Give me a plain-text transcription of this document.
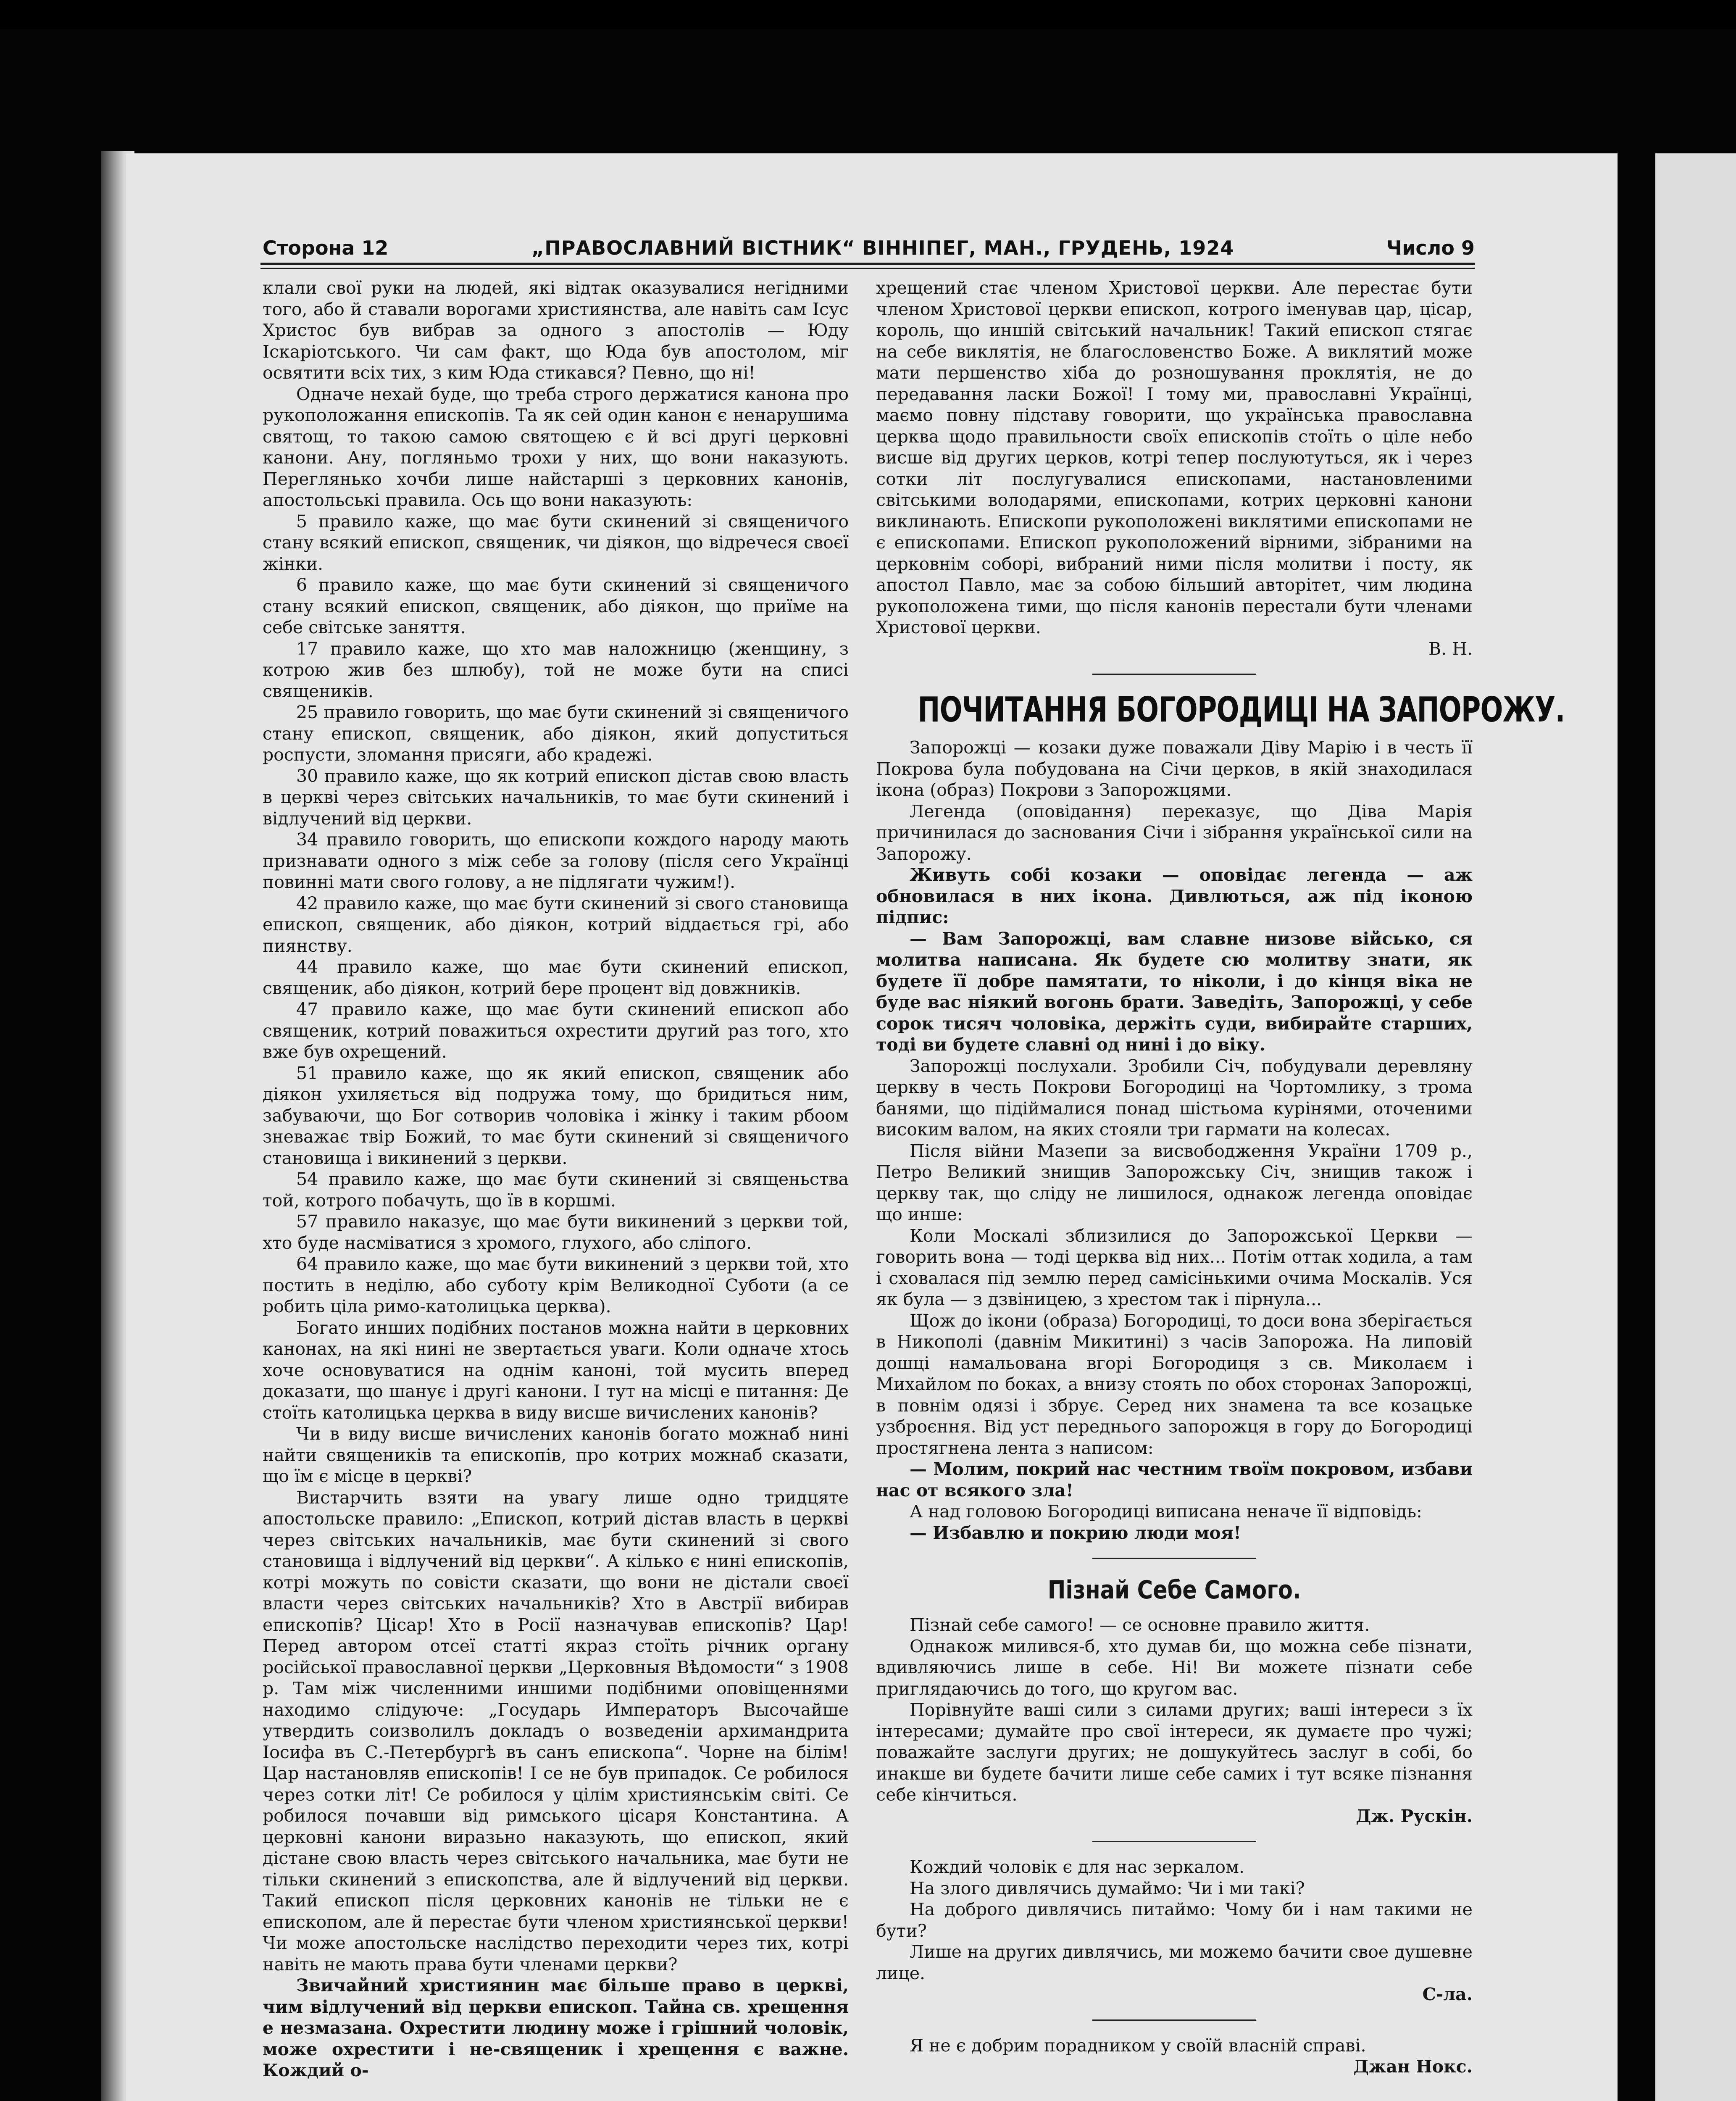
Сторона 12	„ПРАВОСЛАВНИЙ ВІСТНИК“ ВІННІПЕГ, МАН., ГРУДЕНЬ, 1924	Число 9

клали свої руки на людей, які відтак оказувалися негідними того, або й ставали ворогами християнства, але навіть сам Ісус Христос був вибрав за одного з апостолів — Юду Іскаріотського. Чи сам факт, що Юда був апостолом, міг освятити всіх тих, з ким Юда стикався? Певно, що ні!

Одначе нехай буде, що треба строго держатися канона про рукоположання епископів. Та як сей один канон є ненарушима святощ, то такою самою святощею є й всі другі церковні канони. Ану, погляньмо трохи у них, що вони наказують. Переглянько хочби лише найстарші з церковних канонів, апостольські правила. Ось що вони наказують:

5 правило каже, що має бути скинений зі священичого стану всякий епископ, священик, чи діякон, що відречеся своєї жінки.

6 правило каже, що має бути скинений зі священичого стану всякий епископ, священик, або діякон, що приїме на себе світське заняття.

17 правило каже, що хто мав наложницю (женщину, з котрою жив без шлюбу), той не може бути на списі священиків.

25 правило говорить, що має бути скинений зі священичого стану епископ, священик, або діякон, який допуститься роспусти, зломання присяги, або крадежі.

30 правило каже, що як котрий епископ дістав свою власть в церкві через світських начальників, то має бути скинений і відлучений від церкви.

34 правило говорить, що епископи кождого народу мають признавати одного з між себе за голову (після сего Українці повинні мати свого голову, а не підлягати чужим!).

42 правило каже, що має бути скинений зі свого становища епископ, священик, або діякон, котрий віддається грі, або пиянству.

44 правило каже, що має бути скинений епископ, священик, або діякон, котрий бере процент від довжників.

47 правило каже, що має бути скинений епископ або священик, котрий поважиться охрестити другий раз того, хто вже був охрещений.

51 правило каже, що як який епископ, священик або діякон ухиляється від подружа тому, що бридиться ним, забуваючи, що Бог сотворив чоловіка і жінку і таким рбоом зневажає твір Божий, то має бути скинений зі священичого становища і викинений з церкви.

54 правило каже, що має бути скинений зі священьства той, котрого побачуть, що їв в коршмі.

57 правило наказує, що має бути викинений з церкви той, хто буде насміватися з хромого, глухого, або сліпого.

64 правило каже, що має бути викинений з церкви той, хто постить в неділю, або суботу крім Великодної Суботи (а се робить ціла римо-католицька церква).

Богато инших подібних постанов можна найти в церковних канонах, на які нині не звертається уваги. Коли одначе хтось хоче основуватися на однім каноні, той мусить вперед доказати, що шанує і другі канони. І тут на місці е питання: Де стоїть католицька церква в виду висше вичислених канонів?

Чи в виду висше вичислених канонів богато можнаб нині найти священиків та епископів, про котрих можнаб сказати, що їм є місце в церкві?

Вистарчить взяти на увагу лише одно тридцяте апостольске правило: „Епископ, котрий дістав власть в церкві через світських начальників, має бути скинений зі свого становища і відлучений від церкви“. А кілько є нині епископів, котрі можуть по совісти сказати, що вони не дістали своєї власти через світських начальників? Хто в Австрії вибирав епископів? Цісар! Хто в Росії назначував епископів? Цар! Перед автором отсеї статті якраз стоїть річник органу російської православної церкви „Церковныя Вѣдомости“ з 1908 р. Там між численними иншими подібними оповіщеннями находимо слідуюче: „Государь Императоръ Высочайше утвердить соизволилъ докладъ о возведеніи архимандрита Іосифа въ С.-Петербургѣ въ санъ епископа“. Чорне на білім! Цар настановляв епископів! І се не був припадок. Се робилося через сотки літ! Се робилося у цілім християнськім світі. Се робилося почавши від римського цісаря Константина. А церковні канони виразьно наказують, що епископ, який дістане свою власть через світського начальника, має бути не тільки скинений з епископства, але й відлучений від церкви. Такий епископ після церковних канонів не тільки не є епископом, але й перестає бути членом християнської церкви! Чи може апостольске наслідство переходити через тих, котрі навіть не мають права бути членами церкви?

Звичайний християнин має більше право в церкві, чим відлучений від церкви епископ. Тайна св. хрещення е незмазана. Охрестити людину може і грішний чоловік, може охрестити і не-священик і хрещення є важне. Кождий о-

хрещений стає членом Христової церкви. Але перестає бути членом Христової церкви епископ, котрого іменував цар, цісар, король, що иншій світський начальник! Такий епископ стягає на себе виклятія, не благословенство Боже. А виклятий може мати першенство хіба до розношування проклятія, не до передавання ласки Божої! І тому ми, православні Українці, маємо повну підставу говорити, що українська православна церква щодо правильности своїх епископів стоїть о ціле небо висше від других церков, котрі тепер послуютуться, як і через сотки літ послугувалися епископами, настановленими світськими володарями, епископами, котрих церковні канони виклинають. Епископи рукоположені виклятими епископами не є епископами. Епископ рукоположений вірними, зібраними на церковнім соборі, вибраний ними після молитви і посту, як апостол Павло, має за собою більший авторітет, чим людина рукоположена тими, що після канонів перестали бути членами Христової церкви.

В. Н.

ПОЧИТАННЯ БОГОРОДИЦІ НА ЗАПОРОЖУ.

Запорожці — козаки дуже поважали Діву Марію і в честь її Покрова була побудована на Січи церков, в якій знаходилася ікона (образ) Покрови з Запорожцями.

Легенда (оповідання) переказує, що Діва Марія причинилася до заснования Січи і зібрання української сили на Запорожу.

Живуть собі козаки — оповідає легенда — аж обновилася в них ікона. Дивлються, аж під іконою підпис:

— Вам Запорожці, вам славне низове військо, ся молитва написана. Як будете сю молитву знати, як будете її добре памятати, то ніколи, і до кінця віка не буде вас ніякий вогонь брати. Заведіть, Запорожці, у себе сорок тисяч чоловіка, держіть суди, вибирайте старших, тоді ви будете славні од нині і до віку.

Запорожці послухали. Зробили Січ, побудували деревляну церкву в честь Покрови Богородиці на Чортомлику, з трома банями, що підіймалися понад шістьома курінями, оточеними високим валом, на яких стояли три гармати на колесах.

Після війни Мазепи за висвободження України 1709 р., Петро Великий знищив Запорожську Січ, знищив також і церкву так, що сліду не лишилося, однакож легенда оповідає що инше:

Коли Москалі зблизилися до Запорожської Церкви — говорить вона — тоді церква від них... Потім оттак ходила, а там і сховалася під землю перед самісінькими очима Москалів. Уся як була — з дзвіницею, з хрестом так і пірнула...

Щож до ікони (образа) Богородиці, то доси вона зберігається в Никополі (давнім Микитині) з часів Запорожа. На липовій дошці намальована вгорі Богородиця з св. Миколаєм і Михайлом по боках, а внизу стоять по обох сторонах Запорожці, в повнім одязі і збрує. Серед них знамена та все козацьке узброєння. Від уст переднього запорожця в гору до Богородиці простягнена лента з написом:

— Молим, покрий нас честним твоїм покровом, избави нас от всякого зла!

А над головою Богородиці виписана неначе її відповідь:

— Избавлю и покрию люди моя!

Пізнай Себе Самого.

Пізнай себе самого! — се основне правило життя.

Однакож милився-б, хто думав би, що можна себе пізнати, вдивляючись лише в себе. Ні! Ви можете пізнати себе приглядаючись до того, що кругом вас.

Порівнуйте ваші сили з силами других; ваші інтереси з їх інтересами; думайте про свої інтереси, як думаєте про чужі; поважайте заслуги других; не дошукуйтесь заслуг в собі, бо инакше ви будете бачити лише себе самих і тут всяке пізнання себе кінчиться.

Дж. Рускін.

Кождий чоловік є для нас зеркалом.

На злого дивлячись думаймо: Чи і ми такі?

На доброго дивлячись питаймо: Чому би і нам такими не бути?

Лише на других дивлячись, ми можемо бачити свое душевне лице.

С-ла.

Я не є добрим порадником у своїй власній справі.

Джан Нокс.
